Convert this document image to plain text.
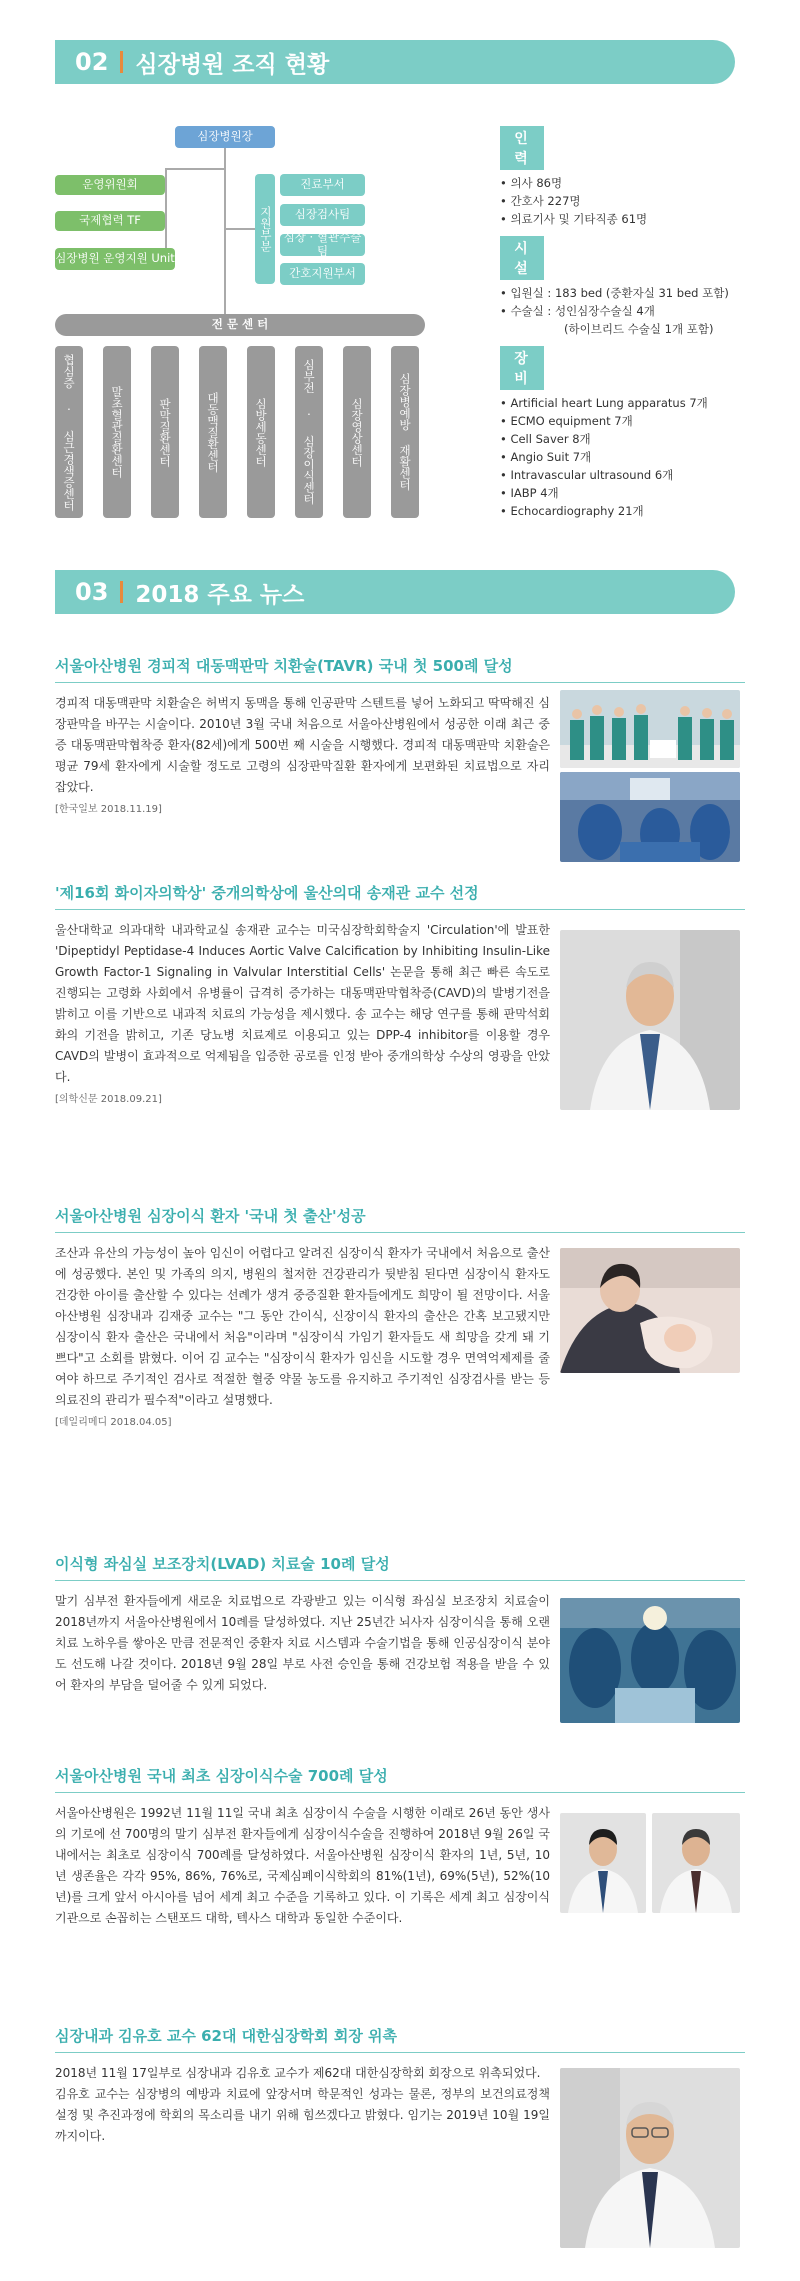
02 심장병원 조직 현황
심장병원장
운영위원회
국제협력 TF
심장병원 운영지원 Unit
지원부분
진료부서
심장검사팀
심장 · 혈관수술팀
간호지원부서
전 문 센 터
협심증 · 심근경색증센터	말초혈관질환센터	판막질환센터	대동맥질환센터	심방세동센터	심부전 · 심장이식센터	심장영상센터	심장병예방 재활센터
인 력
• 의사 86명
• 간호사 227명
• 의료기사 및 기타직종 61명
시 설
• 입원실 : 183 bed (중환자실 31 bed 포함)
• 수술실 : 성인심장수술실 4개
(하이브리드 수술실 1개 포함)
장 비
• Artificial heart Lung apparatus 7개
• ECMO equipment 7개
• Cell Saver 8개
• Angio Suit 7개
• Intravascular ultrasound 6개
• IABP 4개
• Echocardiography 21개
03 2018 주요 뉴스
서울아산병원 경피적 대동맥판막 치환술(TAVR) 국내 첫 500례 달성

경피적 대동맥판막 치환술은 허벅지 동맥을 통해 인공판막 스텐트를 넣어 노화되고 딱딱해진 심장판막을 바꾸는 시술이다. 2010년 3월 국내 처음으로 서울아산병원에서 성공한 이래 최근 중증 대동맥판막협착증 환자(82세)에게 500번 째 시술을 시행했다. 경피적 대동맥판막 치환술은 평균 79세 환자에게 시술할 정도로 고령의 심장판막질환 환자에게 보편화된 치료법으로 자리 잡았다.

[한국일보 2018.11.19]

'제16회 화이자의학상' 중개의학상에 울산의대 송재관 교수 선정

울산대학교 의과대학 내과학교실 송재관 교수는 미국심장학회학술지 'Circulation'에 발표한 'Dipeptidyl Peptidase-4 Induces Aortic Valve Calcification by Inhibiting Insulin-Like Growth Factor-1 Signaling in Valvular Interstitial Cells' 논문을 통해 최근 빠른 속도로 진행되는 고령화 사회에서 유병률이 급격히 증가하는 대동맥판막협착증(CAVD)의 발병기전을 밝히고 이를 기반으로 내과적 치료의 가능성을 제시했다. 송 교수는 해당 연구를 통해 판막석회화의 기전을 밝히고, 기존 당뇨병 치료제로 이용되고 있는 DPP-4 inhibitor를 이용할 경우 CAVD의 발병이 효과적으로 억제됨을 입증한 공로를 인정 받아 중개의학상 수상의 영광을 안았다.

[의학신문 2018.09.21]

서울아산병원 심장이식 환자 '국내 첫 출산'성공

조산과 유산의 가능성이 높아 임신이 어렵다고 알려진 심장이식 환자가 국내에서 처음으로 출산에 성공했다. 본인 및 가족의 의지, 병원의 철저한 건강관리가 뒷받침 된다면 심장이식 환자도 건강한 아이를 출산할 수 있다는 선례가 생겨 중증질환 환자들에게도 희망이 될 전망이다. 서울아산병원 심장내과 김재중 교수는 "그 동안 간이식, 신장이식 환자의 출산은 간혹 보고됐지만 심장이식 환자 출산은 국내에서 처음"이라며 "심장이식 가임기 환자들도 새 희망을 갖게 돼 기쁘다"고 소회를 밝혔다. 이어 김 교수는 "심장이식 환자가 임신을 시도할 경우 면역억제제를 줄여야 하므로 주기적인 검사로 적절한 혈중 약물 농도를 유지하고 주기적인 심장검사를 받는 등 의료진의 관리가 필수적"이라고 설명했다.

[데일리메디 2018.04.05]

이식형 좌심실 보조장치(LVAD) 치료술 10례 달성

말기 심부전 환자들에게 새로운 치료법으로 각광받고 있는 이식형 좌심실 보조장치 치료술이 2018년까지 서울아산병원에서 10례를 달성하였다. 지난 25년간 뇌사자 심장이식을 통해 오랜 치료 노하우를 쌓아온 만큼 전문적인 중환자 치료 시스템과 수술기법을 통해 인공심장이식 분야도 선도해 나갈 것이다. 2018년 9월 28일 부로 사전 승인을 통해 건강보험 적용을 받을 수 있어 환자의 부담을 덜어줄 수 있게 되었다.

서울아산병원 국내 최초 심장이식수술 700례 달성

서울아산병원은 1992년 11월 11일 국내 최초 심장이식 수술을 시행한 이래로 26년 동안 생사의 기로에 선 700명의 말기 심부전 환자들에게 심장이식수술을 진행하여 2018년 9월 26일 국내에서는 최초로 심장이식 700례를 달성하였다. 서울아산병원 심장이식 환자의 1년, 5년, 10년 생존율은 각각 95%, 86%, 76%로, 국제심폐이식학회의 81%(1년), 69%(5년), 52%(10년)를 크게 앞서 아시아를 넘어 세계 최고 수준을 기록하고 있다. 이 기록은 세계 최고 심장이식 기관으로 손꼽히는 스탠포드 대학, 텍사스 대학과 동일한 수준이다.

심장내과 김유호 교수 62대 대한심장학회 회장 위촉

2018년 11월 17일부로 심장내과 김유호 교수가 제62대 대한심장학회 회장으로 위촉되었다.

김유호 교수는 심장병의 예방과 치료에 앞장서며 학문적인 성과는 물론, 정부의 보건의료정책 설정 및 추진과정에 학회의 목소리를 내기 위해 힘쓰겠다고 밝혔다. 임기는 2019년 10월 19일 까지이다.
